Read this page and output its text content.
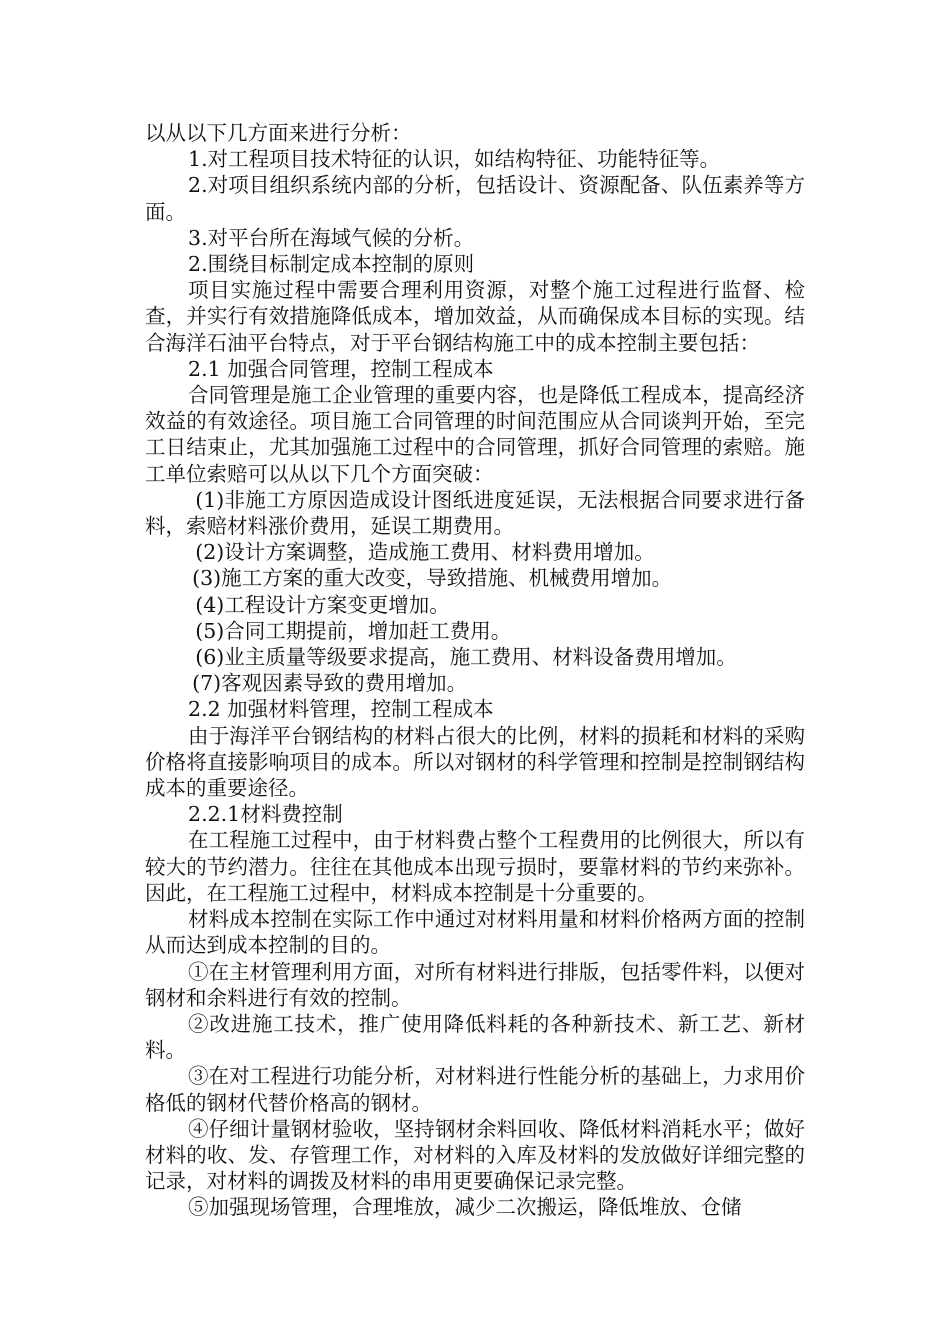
以从以下几方面来进行分析：

1.对工程项目技术特征的认识，如结构特征、功能特征等。

2.对项目组织系统内部的分析，包括设计、资源配备、队伍素养等方面。

3.对平台所在海域气候的分析。

2.围绕目标制定成本控制的原则

项目实施过程中需要合理利用资源，对整个施工过程进行监督、检查，并实行有效措施降低成本，增加效益，从而确保成本目标的实现。结合海洋石油平台特点，对于平台钢结构施工中的成本控制主要包括：

2.1 加强合同管理，控制工程成本

合同管理是施工企业管理的重要内容，也是降低工程成本，提高经济效益的有效途径。项目施工合同管理的时间范围应从合同谈判开始，至完工日结束止，尤其加强施工过程中的合同管理，抓好合同管理的索赔。施工单位索赔可以从以下几个方面突破：

(1)非施工方原因造成设计图纸进度延误，无法根据合同要求进行备料，索赔材料涨价费用，延误工期费用。

(2)设计方案调整，造成施工费用、材料费用增加。

(3)施工方案的重大改变，导致措施、机械费用增加。

(4)工程设计方案变更增加。

(5)合同工期提前，增加赶工费用。

(6)业主质量等级要求提高，施工费用、材料设备费用增加。

(7)客观因素导致的费用增加。

2.2 加强材料管理，控制工程成本

由于海洋平台钢结构的材料占很大的比例，材料的损耗和材料的采购价格将直接影响项目的成本。所以对钢材的科学管理和控制是控制钢结构成本的重要途径。

2.2.1材料费控制

在工程施工过程中，由于材料费占整个工程费用的比例很大，所以有较大的节约潜力。往往在其他成本出现亏损时，要靠材料的节约来弥补。因此，在工程施工过程中，材料成本控制是十分重要的。

材料成本控制在实际工作中通过对材料用量和材料价格两方面的控制从而达到成本控制的目的。

①在主材管理利用方面，对所有材料进行排版，包括零件料，以便对钢材和余料进行有效的控制。

②改进施工技术，推广使用降低料耗的各种新技术、新工艺、新材料。

③在对工程进行功能分析，对材料进行性能分析的基础上，力求用价格低的钢材代替价格高的钢材。

④仔细计量钢材验收，坚持钢材余料回收、降低材料消耗水平；做好材料的收、发、存管理工作，对材料的入库及材料的发放做好详细完整的记录，对材料的调拨及材料的串用更要确保记录完整。

⑤加强现场管理，合理堆放，减少二次搬运，降低堆放、仓储
